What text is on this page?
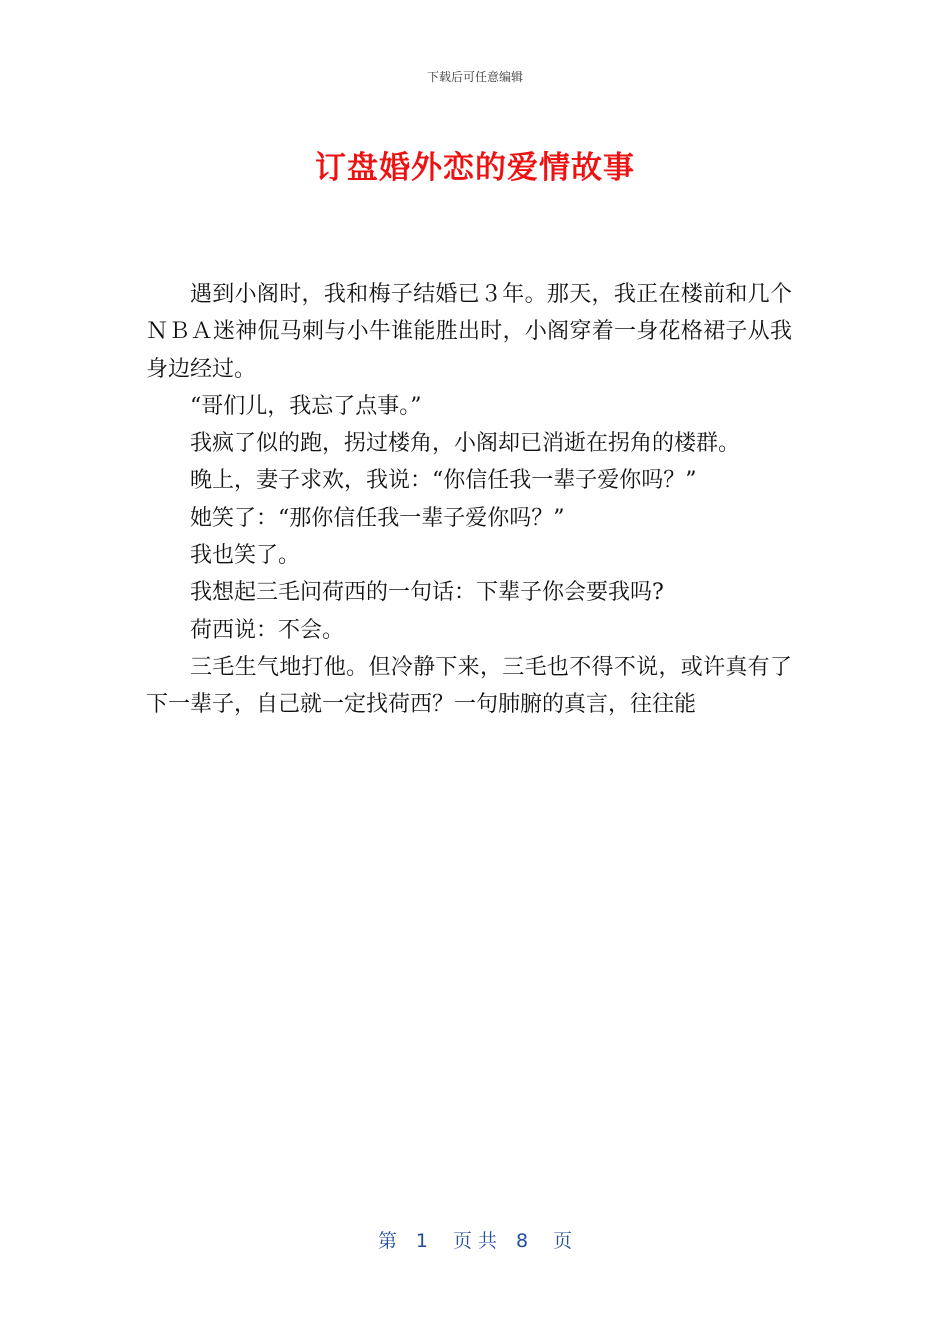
下载后可任意编辑
订盘婚外恋的爱情故事

遇到小阁时，我和梅子结婚已３年。那天，我正在楼前和几个ＮＢＡ迷神侃马刺与小牛谁能胜出时，小阁穿着一身花格裙子从我身边经过。

“哥们儿，我忘了点事。”

我疯了似的跑，拐过楼角，小阁却已消逝在拐角的楼群。

晚上，妻子求欢，我说：“你信任我一辈子爱你吗？”

她笑了：“那你信任我一辈子爱你吗？”

我也笑了。

我想起三毛问荷西的一句话：下辈子你会要我吗?

荷西说：不会。

三毛生气地打他。但冷静下来，三毛也不得不说，或许真有了下一辈子，自己就一定找荷西？一句肺腑的真言，往往能

第　1　 页 共　8　 页
